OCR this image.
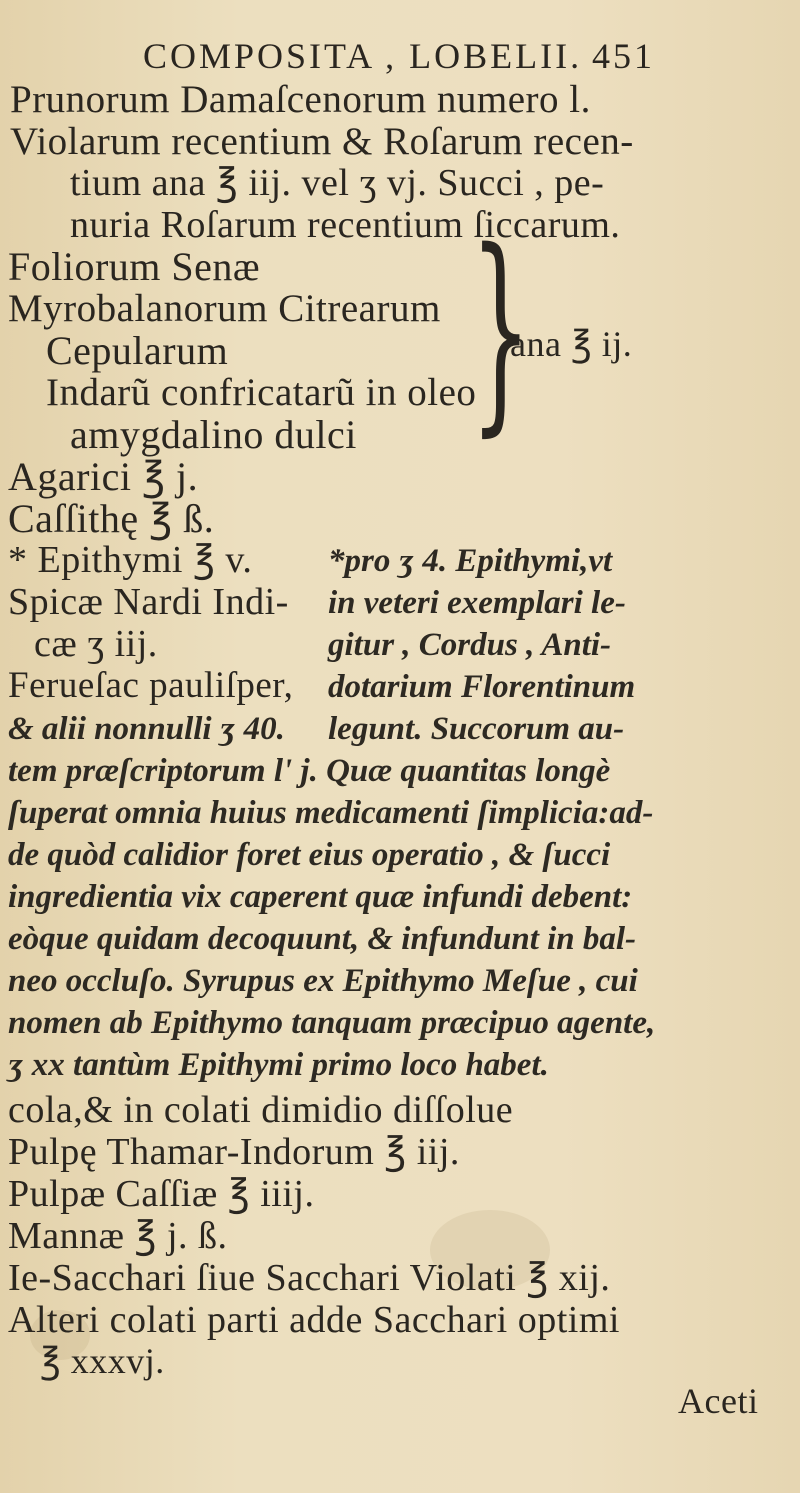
COMPOSITA , LOBELII. 451
Prunorum Damaſcenorum numero l.
Violarum recentium & Roſarum recen-
tium ana ℥ iij. vel ʒ vj. Succi , pe-
nuria Roſarum recentium ſiccarum.
Foliorum Senæ
Myrobalanorum Citrearum
Cepularum
Indarũ confricatarũ in oleo
amygdalino dulci }
ana ℥ ij.
Agarici ℥ j.
Caſſithę ℥ ß.
* Epithymi ℥ v.
Spicæ Nardi Indi-
cæ ʒ iij.
Ferueſac pauliſper,
*pro ʒ 4. Epithymi,vt
in veteri exemplari le-
gitur , Cordus , Anti-
dotarium Florentinum
legunt. Succorum au-
& alii nonnulli ʒ 40.
tem præſcriptorum l' j. Quæ quantitas longè
ſuperat omnia huius medicamenti ſimplicia:ad-
de quòd calidior foret eius operatio , & ſucci
ingredientia vix caperent quæ infundi debent:
eòque quidam decoquunt, & infundunt in bal-
neo occluſo. Syrupus ex Epithymo Meſue , cui
nomen ab Epithymo tanquam præcipuo agente,
ʒ xx tantùm Epithymi primo loco habet.
cola,& in colati dimidio diſſolue
Pulpę Thamar-Indorum ℥ iij.
Pulpæ Caſſiæ ℥ iiij.
Mannæ ℥ j. ß.
Ie-Sacchari ſiue Sacchari Violati ℥ xij.
Alteri colati parti adde Sacchari optimi
℥ xxxvj.
Aceti
